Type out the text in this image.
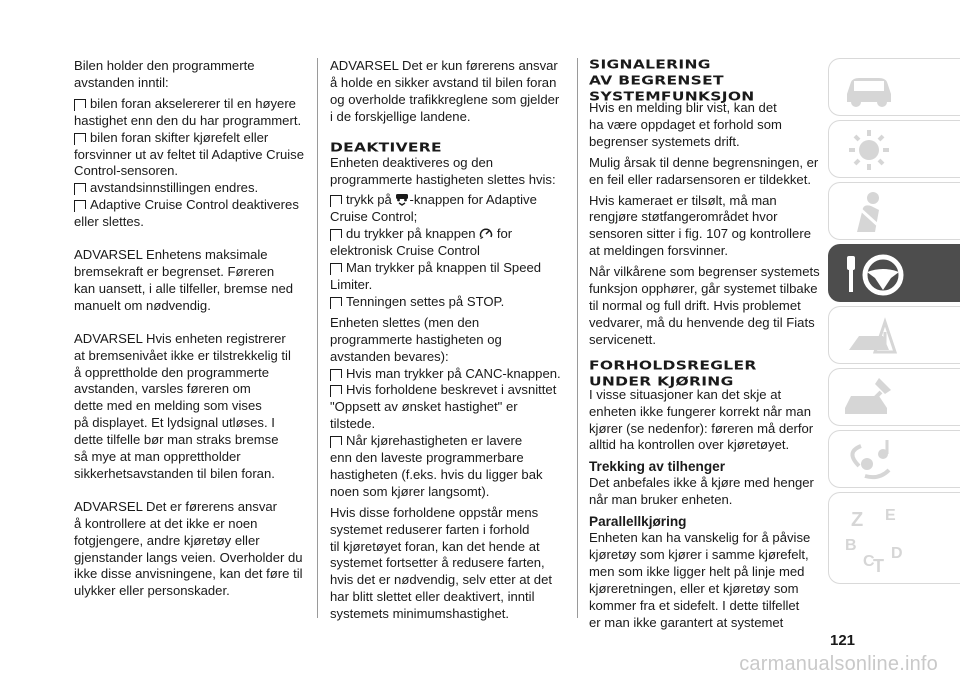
Bilen holder den programmerte
avstanden inntil:
bilen foran akselererer til en høyere
hastighet enn den du har programmert.
bilen foran skifter kjørefelt eller
forsvinner ut av feltet til Adaptive Cruise
Control-sensoren.
avstandsinnstillingen endres.
Adaptive Cruise Control deaktiveres
eller slettes.
ADVARSEL Enhetens maksimale
bremsekraft er begrenset. Føreren
kan uansett, i alle tilfeller, bremse ned
manuelt om nødvendig.
ADVARSEL Hvis enheten registrerer
at bremsenivået ikke er tilstrekkelig til
å opprettholde den programmerte
avstanden, varsles føreren om
dette med en melding som vises
på displayet. Et lydsignal utløses. I
dette tilfelle bør man straks bremse
så mye at man opprettholder
sikkerhetsavstanden til bilen foran.
ADVARSEL Det er førerens ansvar
å kontrollere at det ikke er noen
fotgjengere, andre kjøretøy eller
gjenstander langs veien. Overholder du
ikke disse anvisningene, kan det føre til
ulykker eller personskader.
ADVARSEL Det er kun førerens ansvar
å holde en sikker avstand til bilen foran
og overholde trafikkreglene som gjelder
i de forskjellige landene.
DEAKTIVERE
Enheten deaktiveres og den
programmerte hastigheten slettes hvis:
trykk på -knappen for Adaptive
Cruise Control;
du trykker på knappen  for
elektronisk Cruise Control
Man trykker på knappen til Speed
Limiter.
Tenningen settes på STOP.
Enheten slettes (men den
programmerte hastigheten og
avstanden bevares):
Hvis man trykker på CANC-knappen.
Hvis forholdene beskrevet i avsnittet
"Oppsett av ønsket hastighet" er
tilstede.
Når kjørehastigheten er lavere
enn den laveste programmerbare
hastigheten (f.eks. hvis du ligger bak
noen som kjører langsomt).
Hvis disse forholdene oppstår mens
systemet reduserer farten i forhold
til kjøretøyet foran, kan det hende at
systemet fortsetter å redusere farten,
hvis det er nødvendig, selv etter at det
har blitt slettet eller deaktivert, inntil
systemets minimumshastighet.
SIGNALERING
AV BEGRENSET
SYSTEMFUNKSJON
Hvis en melding blir vist, kan det
ha være oppdaget et forhold som
begrenser systemets drift.
Mulig årsak til denne begrensningen, er
en feil eller radarsensoren er tildekket.
Hvis kameraet er tilsølt, må man
rengjøre støtfangerområdet hvor
sensoren sitter i fig. 107 og kontrollere
at meldingen forsvinner.
Når vilkårene som begrenser systemets
funksjon opphører, går systemet tilbake
til normal og full drift. Hvis problemet
vedvarer, må du henvende deg til Fiats
servicenett.
FORHOLDSREGLER
UNDER KJØRING
I visse situasjoner kan det skje at
enheten ikke fungerer korrekt når man
kjører (se nedenfor): føreren må derfor
alltid ha kontrollen over kjøretøyet.
Trekking av tilhenger
Det anbefales ikke å kjøre med henger
når man bruker enheten.
Parallellkjøring
Enheten kan ha vanskelig for å påvise
kjøretøy som kjører i samme kjørefelt,
men som ikke ligger helt på linje med
kjøreretningen, eller et kjøretøy som
kommer fra et sidefelt. I dette tilfellet
er man ikke garantert at systemet
Z E
B
C
T
D
121
carmanualsonline.info
